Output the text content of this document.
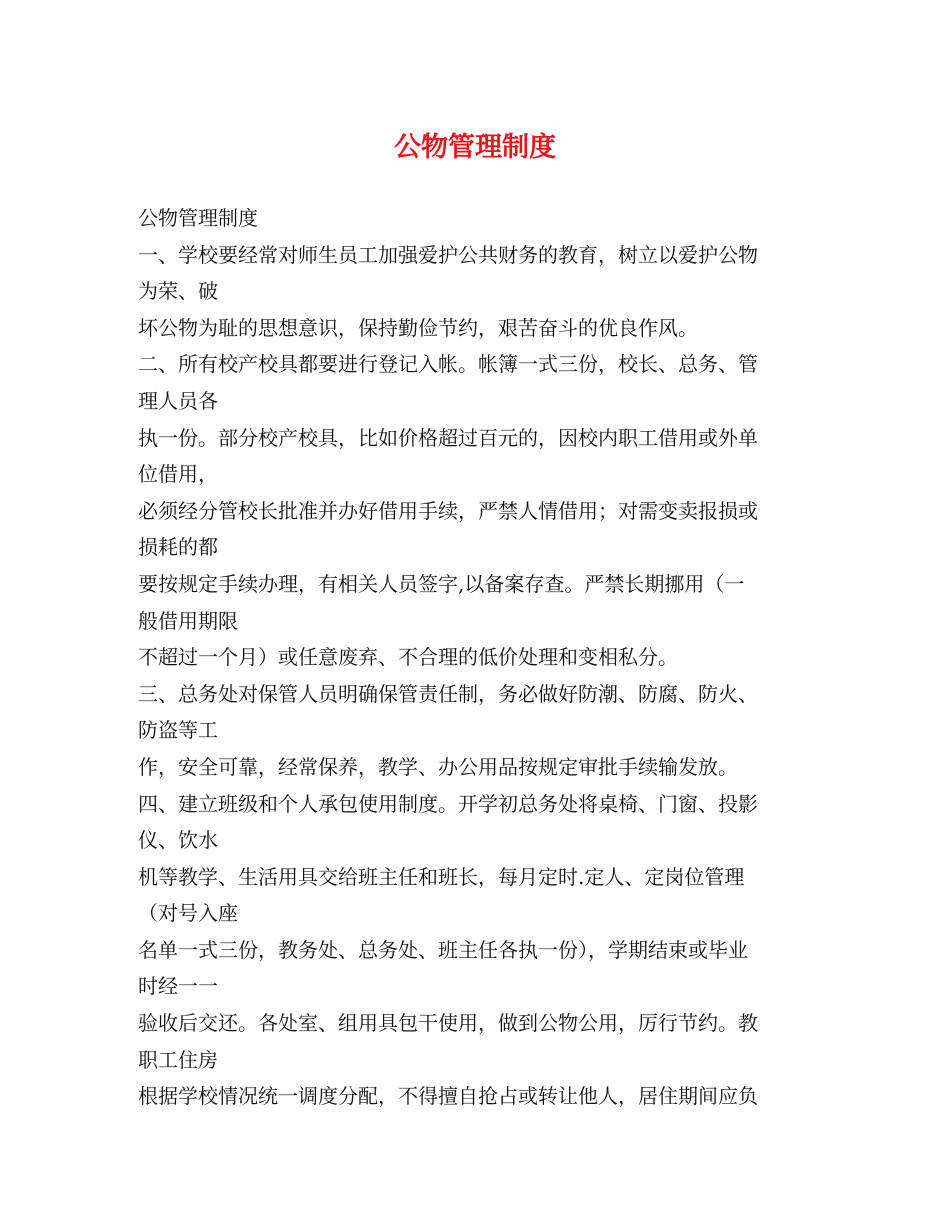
公物管理制度
公物管理制度
一、学校要经常对师生员工加强爱护公共财务的教育，树立以爱护公物
为荣、破
坏公物为耻的思想意识，保持勤俭节约，艰苦奋斗的优良作风。
二、所有校产校具都要进行登记入帐。帐簿一式三份，校长、总务、管
理人员各
执一份。部分校产校具，比如价格超过百元的，因校内职工借用或外单
位借用，
必须经分管校长批准并办好借用手续，严禁人情借用；对需变卖报损或
损耗的都
要按规定手续办理，有相关人员签字,以备案存查。严禁长期挪用（一
般借用期限
不超过一个月）或任意废弃、不合理的低价处理和变相私分。
三、总务处对保管人员明确保管责任制，务必做好防潮、防腐、防火、
防盗等工
作，安全可靠，经常保养，教学、办公用品按规定审批手续输发放。
四、建立班级和个人承包使用制度。开学初总务处将桌椅、门窗、投影
仪、饮水
机等教学、生活用具交给班主任和班长，每月定时.定人、定岗位管理
（对号入座
名单一式三份，教务处、总务处、班主任各执一份），学期结束或毕业
时经一一
验收后交还。各处室、组用具包干使用，做到公物公用，厉行节约。教
职工住房
根据学校情况统一调度分配，不得擅自抢占或转让他人，居住期间应负
